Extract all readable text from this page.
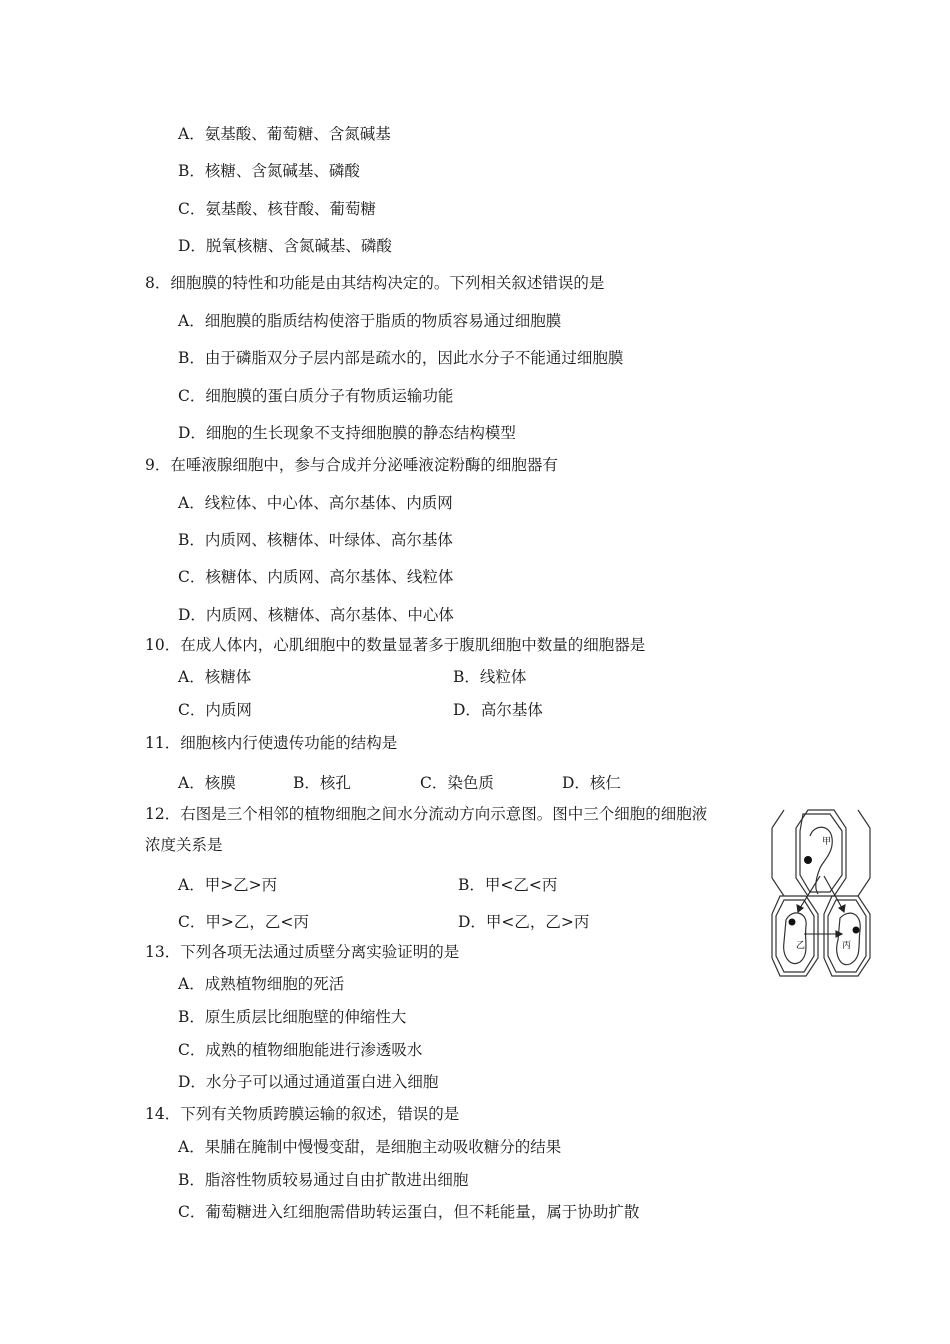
A．氨基酸、葡萄糖、含氮碱基
B．核糖、含氮碱基、磷酸
C．氨基酸、核苷酸、葡萄糖
D．脱氧核糖、含氮碱基、磷酸
8．细胞膜的特性和功能是由其结构决定的。下列相关叙述错误的是
A．细胞膜的脂质结构使溶于脂质的物质容易通过细胞膜
B．由于磷脂双分子层内部是疏水的，因此水分子不能通过细胞膜
C．细胞膜的蛋白质分子有物质运输功能
D．细胞的生长现象不支持细胞膜的静态结构模型
9．在唾液腺细胞中，参与合成并分泌唾液淀粉酶的细胞器有
A．线粒体、中心体、高尔基体、内质网
B．内质网、核糖体、叶绿体、高尔基体
C．核糖体、内质网、高尔基体、线粒体
D．内质网、核糖体、高尔基体、中心体
10．在成人体内，心肌细胞中的数量显著多于腹肌细胞中数量的细胞器是
A．核糖体	B．线粒体
C．内质网	D．高尔基体
11．细胞核内行使遗传功能的结构是
A．核膜	B．核孔	C．染色质	D．核仁
12．右图是三个相邻的植物细胞之间水分流动方向示意图。图中三个细胞的细胞液
浓度关系是
A．甲>乙>丙	B．甲<乙<丙
C．甲>乙，乙<丙	D．甲<乙，乙>丙
甲
乙	丙
13．下列各项无法通过质壁分离实验证明的是
A．成熟植物细胞的死活
B．原生质层比细胞壁的伸缩性大
C．成熟的植物细胞能进行渗透吸水
D．水分子可以通过通道蛋白进入细胞
14．下列有关物质跨膜运输的叙述，错误的是
A．果脯在腌制中慢慢变甜，是细胞主动吸收糖分的结果
B．脂溶性物质较易通过自由扩散进出细胞
C．葡萄糖进入红细胞需借助转运蛋白，但不耗能量，属于协助扩散
